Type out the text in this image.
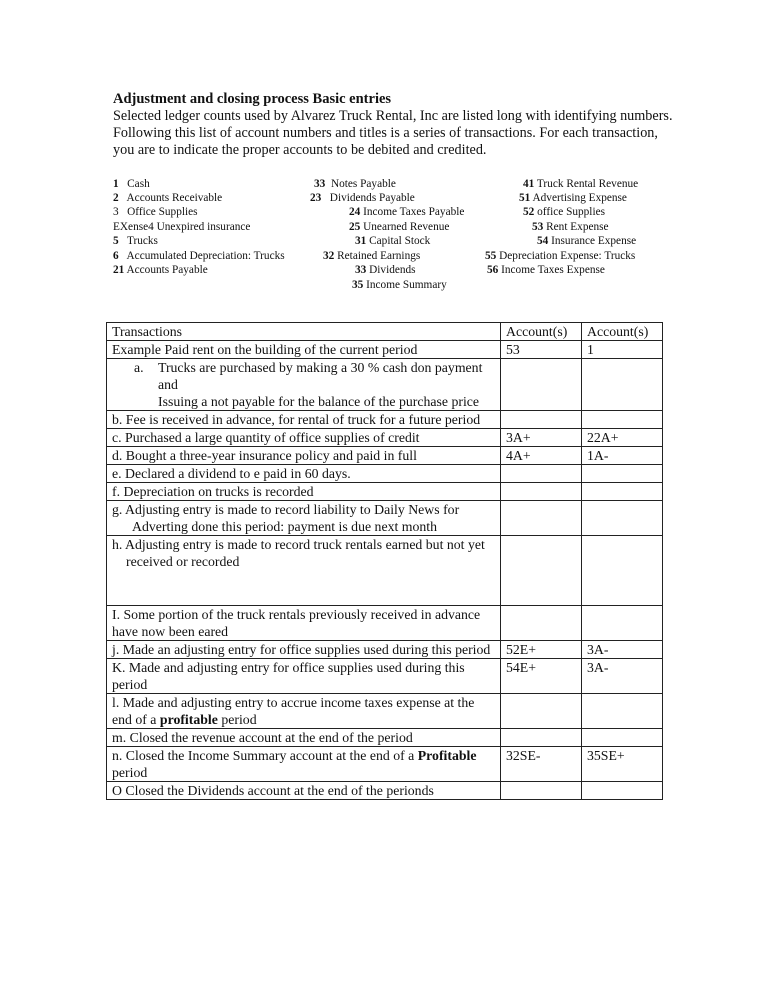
Adjustment and closing process Basic entries
Selected ledger counts used by Alvarez Truck Rental, Inc are listed long with identifying numbers. Following this list of account numbers and titles is a series of transactions. For each transaction, you are to indicate the proper accounts to be debited and credited.
1 Cash
2 Accounts Receivable
3 Office Supplies
EXense4 Unexpired insurance
5 Trucks
6 Accumulated Depreciation: Trucks
21 Accounts Payable
33 Notes Payable
23 Dividends Payable
24 Income Taxes Payable
25 Unearned Revenue
31 Capital Stock
32 Retained Earnings
33 Dividends
35 Income Summary
41 Truck Rental Revenue
51 Advertising Expense
52 office Supplies
53 Rent Expense
54 Insurance Expense
55 Depreciation Expense: Trucks
56 Income Taxes Expense
Transactions	Account(s)	Account(s)
Example Paid rent on the building of the current period	53	1

a. Trucks are purchased by making a 30 % cash don payment and
Issuing a not payable for the balance of the purchase price		

b. Fee is received in advance, for rental of truck for a future period		
c. Purchased a large quantity of office supplies of credit	3A+	22A+
d. Bought a three-year insurance policy and paid in full	4A+	1A-
e. Declared a dividend to e paid in 60 days.		
f. Depreciation on trucks is recorded		

g. Adjusting entry is made to record liability to Daily News for
Adverting done this period: payment is due next month		

h. Adjusting entry is made to record truck rentals earned but not yet
received or recorded		

I. Some portion of the truck rentals previously received in advance have now been eared		
j. Made an adjusting entry for office supplies used during this period	52E+	3A-
K. Made and adjusting entry for office supplies used during this period	54E+	3A-
l. Made and adjusting entry to accrue income taxes expense at the end of a profitable period		
m. Closed the revenue account at the end of the period		
n. Closed the Income Summary account at the end of a Profitable period	32SE-	35SE+
O Closed the Dividends account at the end of the perionds		
